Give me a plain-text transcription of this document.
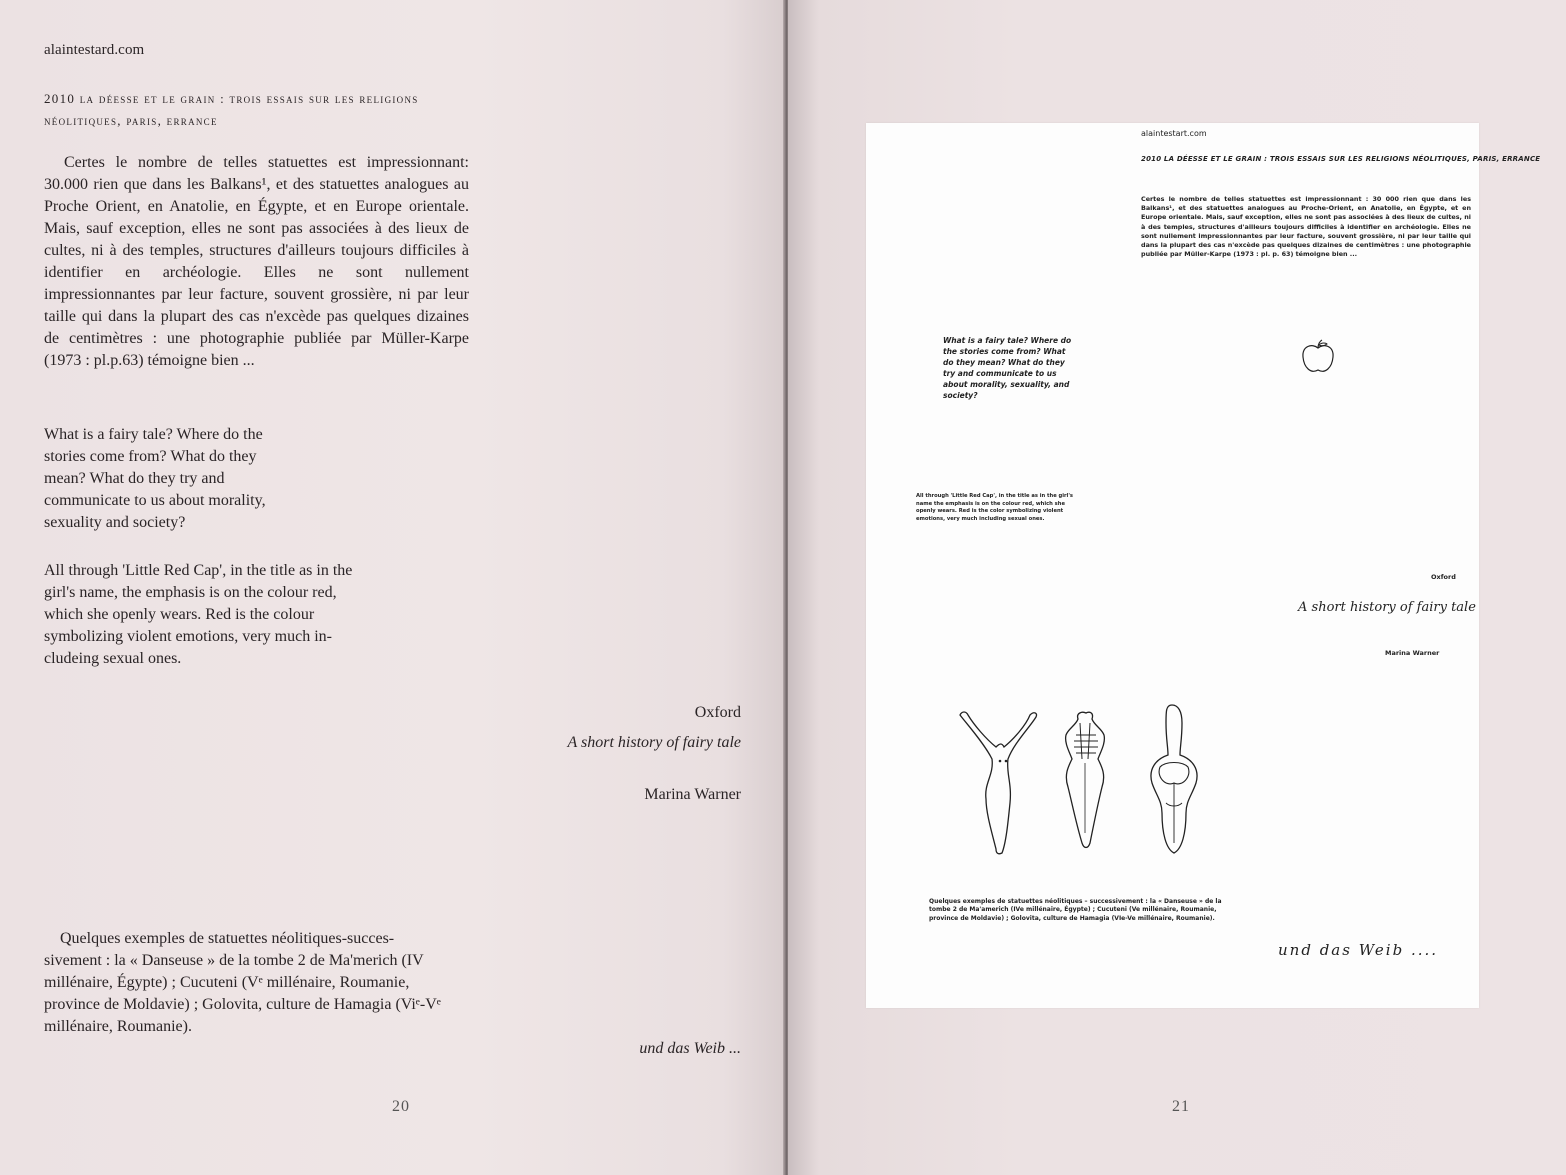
alaintestard.com
2010 la déesse et le grain : trois essais sur les religions néolitiques, paris, errance

Certes le nombre de telles statuettes est impressionnant: 30.000 rien que dans les Balkans¹, et des statuettes analogues au Proche Orient, en Anatolie, en Égypte, et en Europe orientale. Mais, sauf exception, elles ne sont pas associées à des lieux de cultes, ni à des temples, structures d'ailleurs toujours difficiles à identifier en archéologie. Elles ne sont nullement impressionnantes par leur facture, souvent grossière, ni par leur taille qui dans la plupart des cas n'excède pas quelques dizaines de centimètres : une photographie publiée par Müller-Karpe (1973 : pl.p.63) témoigne bien ...

What is a fairy tale? Where do the stories come from? What do they mean? What do they try and communicate to us about morality, sexuality and society?

All through 'Little Red Cap', in the title as in the girl's name, the emphasis is on the colour red, which she openly wears. Red is the colour symbolizing violent emotions, very much in-cludeing sexual ones.

Oxford
A short history of fairy tale
Marina Warner

Quelques exemples de statuettes néolitiques-succes-sivement : la « Danseuse » de la tombe 2 de Ma'merich (IV millénaire, Égypte) ; Cucuteni (Vᵉ millénaire, Roumanie, province de Moldavie) ; Golovita, culture de Hamagia (Viᵉ-Vᵉ millénaire, Roumanie).

und das Weib ...
20
alaintestart.com
2010 LA DÉESSE ET LE GRAIN : TROIS ESSAIS SUR LES RELIGIONS NÉOLITIQUES, PARIS, ERRANCE
Certes le nombre de telles statuettes est impressionnant : 30 000 rien que dans les Balkans¹, et des statuettes analogues au Proche-Orient, en Anatolie, en Égypte, et en Europe orientale. Mais, sauf exception, elles ne sont pas associées à des lieux de cultes, ni à des temples, structures d'ailleurs toujours difficiles à identifier en archéologie. Elles ne sont nullement impressionnantes par leur facture, souvent grossière, ni par leur taille qui dans la plupart des cas n'excède pas quelques dizaines de centimètres : une photographie publiée par Müller-Karpe (1973 : pl. p. 63) témoigne bien ...
What is a fairy tale? Where do the stories come from? What do they mean? What do they try and communicate to us about morality, sexuality, and society?
All through 'Little Red Cap', in the title as in the girl's name the emphasis is on the colour red, which she openly wears. Red is the color symbolizing violent emotions, very much including sexual ones.
Oxford
A short history of fairy tale
Marina Warner
Quelques exemples de statuettes néolitiques – successivement : la « Danseuse » de la tombe 2 de Ma'americh (IVe millénaire, Égypte) ; Cucuteni (Ve millénaire, Roumanie, province de Moldavie) ; Golovita, culture de Hamagia (VIe-Ve millénaire, Roumanie).
und das Weib ....
21
